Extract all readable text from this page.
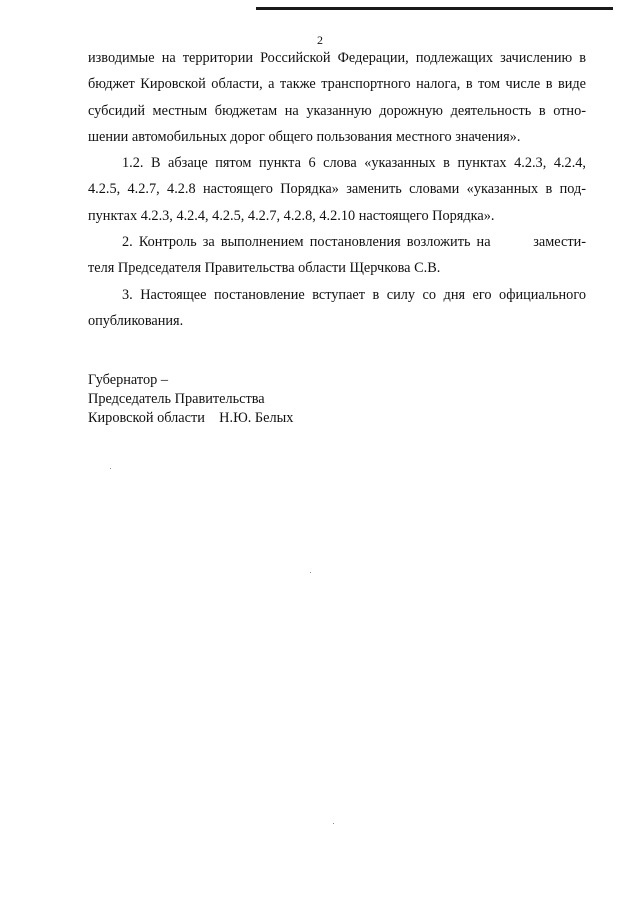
2

изводимые на территории Российской Федерации, подлежащих зачислению в
бюджет Кировской области, а также транспортного налога, в том числе в виде
субсидий местным бюджетам на указанную дорожную деятельность в отно-
шении автомобильных дорог общего пользования местного значения».

1.2. В абзаце пятом пункта 6 слова «указанных в пунктах 4.2.3, 4.2.4,
4.2.5, 4.2.7, 4.2.8 настоящего Порядка» заменить словами «указанных в под-
пунктах 4.2.3, 4.2.4, 4.2.5, 4.2.7, 4.2.8, 4.2.10 настоящего Порядка».

2. Контроль за выполнением постановления возложить на       замести-
теля Председателя Правительства области Щерчкова С.В.

3. Настоящее постановление вступает в силу со дня его официального
опубликования.

Губернатор –
Председатель Правительства
Кировской области    Н.Ю. Белых
